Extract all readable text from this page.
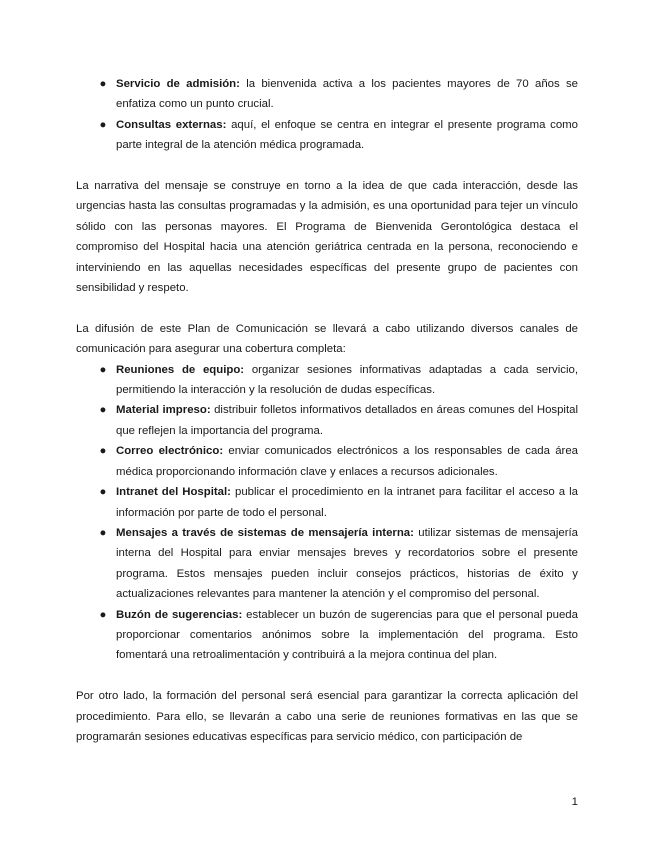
● Servicio de admisión: la bienvenida activa a los pacientes mayores de 70 años se enfatiza como un punto crucial.
● Consultas externas: aquí, el enfoque se centra en integrar el presente programa como parte integral de la atención médica programada.

La narrativa del mensaje se construye en torno a la idea de que cada interacción, desde las urgencias hasta las consultas programadas y la admisión, es una oportunidad para tejer un vínculo sólido con las personas mayores. El Programa de Bienvenida Gerontológica destaca el compromiso del Hospital hacia una atención geriátrica centrada en la persona, reconociendo e interviniendo en las aquellas necesidades específicas del presente grupo de pacientes con sensibilidad y respeto.

La difusión de este Plan de Comunicación se llevará a cabo utilizando diversos canales de comunicación para asegurar una cobertura completa:

● Reuniones de equipo: organizar sesiones informativas adaptadas a cada servicio, permitiendo la interacción y la resolución de dudas específicas.
● Material impreso: distribuir folletos informativos detallados en áreas comunes del Hospital que reflejen la importancia del programa.
● Correo electrónico: enviar comunicados electrónicos a los responsables de cada área médica proporcionando información clave y enlaces a recursos adicionales.
● Intranet del Hospital: publicar el procedimiento en la intranet para facilitar el acceso a la información por parte de todo el personal.
● Mensajes a través de sistemas de mensajería interna: utilizar sistemas de mensajería interna del Hospital para enviar mensajes breves y recordatorios sobre el presente programa. Estos mensajes pueden incluir consejos prácticos, historias de éxito y actualizaciones relevantes para mantener la atención y el compromiso del personal.
● Buzón de sugerencias: establecer un buzón de sugerencias para que el personal pueda proporcionar comentarios anónimos sobre la implementación del programa. Esto fomentará una retroalimentación y contribuirá a la mejora continua del plan.

Por otro lado, la formación del personal será esencial para garantizar la correcta aplicación del procedimiento. Para ello, se llevarán a cabo una serie de reuniones formativas en las que se programarán sesiones educativas específicas para servicio médico, con participación de

1
